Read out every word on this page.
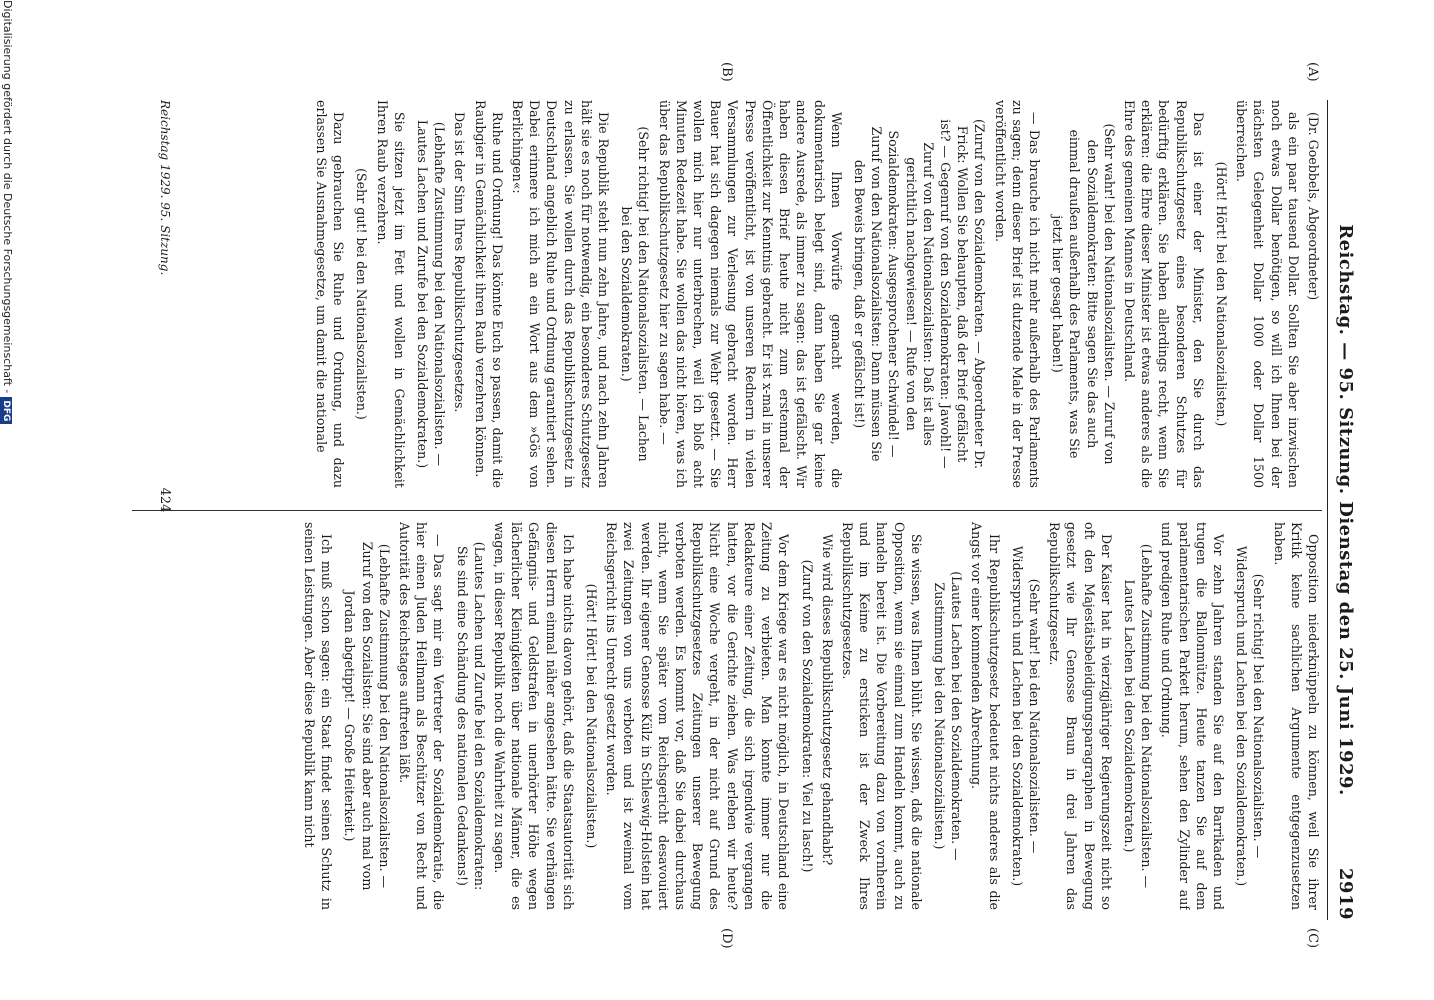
Reichstag. — 95. Sitzung. Dienstag den 25. Juni 1929.
2919
(A)
(B)
(C)
(D)

(Dr. Goebbels, Abgeordneter)

als ein paar tausend Dollar. Sollten Sie aber inzwischen noch etwas Dollar benötigen, so will ich Ihnen bei der nächsten Gelegenheit Dollar 1000 oder Dollar 1500 überreichen.

(Hört! Hört! bei den Nationalsozialisten.)

Das ist einer der Minister, den Sie durch das Republikschutzgesetz eines besonderen Schutzes für bedürftig erklären. Sie haben allerdings recht, wenn Sie erklären: die Ehre dieser Minister ist etwas anderes als die Ehre des gemeinen Mannes in Deutschland.

(Sehr wahr! bei den Nationalsozialisten. — Zuruf von den Sozialdemokraten: Bitte sagen Sie das auch einmal draußen außerhalb des Parlaments, was Sie jetzt hier gesagt haben!)

— Das brauche ich nicht mehr außerhalb des Parlaments zu sagen; denn dieser Brief ist dutzende Male in der Presse veröffentlicht worden.

(Zuruf von den Sozialdemokraten. — Abgeordneter Dr. Frick: Wollen Sie behaupten, daß der Brief gefälscht ist? — Gegenruf von den Sozialdemokraten: Jawohl! — Zuruf von den Nationalsozialisten: Daß ist alles gerichtlich nachgewiesen! — Rufe von den Sozialdemokraten: Ausgesprochener Schwindel! — Zuruf von den Nationalsozialisten: Dann müssen Sie den Beweis bringen, daß er gefälscht ist!)

Wenn Ihnen Vorwürfe gemacht werden, die dokumentarisch belegt sind, dann haben Sie gar keine andere Ausrede, als immer zu sagen: das ist gefälscht. Wir haben diesen Brief heute nicht zum erstenmal der Öffentlichkeit zur Kenntnis gebracht. Er ist x-mal in unserer Presse veröffentlicht, ist von unseren Rednern in vielen Versammlungen zur Verlesung gebracht worden. Herr Bauer hat sich dagegen niemals zur Wehr gesetzt. — Sie wollen mich hier nur unterbrechen, weil ich bloß acht Minuten Redezeit habe. Sie wollen das nicht hören, was ich über das Republikschutzgesetz hier zu sagen habe. —

(Sehr richtig! bei den Nationalsozialisten. — Lachen bei den Sozialdemokraten.)

Die Republik steht nun zehn Jahre, und nach zehn Jahren hält sie es noch für notwendig, ein besonderes Schutzgesetz zu erlassen. Sie wollen durch das Republikschutzgesetz in Deutschland angeblich Ruhe und Ordnung garantiert sehen. Dabei erinnere ich mich an ein Wort aus dem »Gös von Berlichingen«:

Ruhe und Ordnung! Das könnte Euch so passen, damit die Raubgier in Gemächlichkeit ihren Raub verzehren können.

Das ist der Sinn Ihres Republikschutzgesetzes.

(Lebhafte Zustimmung bei den Nationalsozialisten. — Lautes Lachen und Zurufe bei den Sozialdemokraten.)

Sie sitzen jetzt im Fett und wollen in Gemächlichkeit Ihren Raub verzehren.

(Sehr gut! bei den Nationalsozialisten.)

Dazu gebrauchen Sie Ruhe und Ordnung, und dazu erlassen Sie Ausnahmegesetze, um damit die nationale

Opposition niederknüppeln zu können, weil Sie ihrer Kritik keine sachlichen Argumente entgegenzusetzen haben.

(Sehr richtig! bei den Nationalsozialisten. — Widerspruch und Lachen bei den Sozialdemokraten.)

Vor zehn Jahren standen Sie auf den Barrikaden und trugen die Ballonmütze. Heute tanzen Sie auf dem parlamentarischen Parkett herum, sehen den Zylinder auf und predigen Ruhe und Ordnung.

(Lebhafte Zustimmung bei den Nationalsozialisten. — Lautes Lachen bei den Sozialdemokraten.)

Der Kaiser hat in vierzigjähriger Regierungszeit nicht so oft den Majestätsbeleidigungsparagraphen in Bewegung gesetzt wie Ihr Genosse Braun in drei Jahren das Republikschutzgesetz.

(Sehr wahr! bei den Nationalsozialisten. — Widerspruch und Lachen bei den Sozialdemokraten.)

Ihr Republikschutzgesetz bedeutet nichts anderes als die Angst vor einer kommenden Abrechnung.

(Lautes Lachen bei den Sozialdemokraten. — Zustimmung bei den Nationalsozialisten.)

Sie wissen, was Ihnen blüht. Sie wissen, daß die nationale Opposition, wenn sie einmal zum Handeln kommt, auch zu handeln bereit ist. Die Vorbereitung dazu von vornherein und im Keime zu ersticken ist der Zweck Ihres Republikschutzgesetzes.

Wie wird dieses Republikschutzgesetz gehandhabt?

(Zuruf von den Sozialdemokraten: Viel zu lasch!)

Vor dem Kriege war es nicht möglich, in Deutschland eine Zeitung zu verbieten. Man konnte immer nur die Redakteure einer Zeitung, die sich irgendwie vergangen hatten, vor die Gerichte ziehen. Was erleben wir heute? Nicht eine Woche vergeht, in der nicht auf Grund des Republikschutzgesetzes Zeitungen unserer Bewegung verboten werden. Es kommt vor, daß Sie dabei durchaus nicht, wenn Sie später vom Reichsgericht desavouiert werden. Ihr eigener Genosse Külz in Schleswig-Holstein hat zwei Zeitungen von uns verboten und ist zweimal vom Reichsgericht ins Unrecht gesetzt worden.

(Hört! Hört! bei den Nationalsozialisten.)

Ich habe nichts davon gehört, daß die Staatsautorität sich diesen Herrn einmal näher angesehen hätte. Sie verhängen Gefängnis- und Geldstrafen in unerhörter Höhe wegen lächerlicher Kleinigkeiten über nationale Männer, die es wagen, in dieser Republik noch die Wahrheit zu sagen.

(Lautes Lachen und Zurufe bei den Sozialdemokraten: Sie sind eine Schändung des nationalen Gedankens!)

— Das sagt mir ein Vertreter der Sozialdemokratie, die hier einen Juden Heilmann als Beschützer von Recht und Autorität des Reichstages auftreten läßt.

(Lebhafte Zustimmung bei den Nationalsozialisten. — Zuruf von den Sozialisten: Sie sind aber auch mal vom Jordan abgetippt! — Große Heiterkeit.)

Ich muß schon sagen: ein Staat findet seinen Schutz in seinen Leistungen. Aber diese Republik kann nicht

Reichstag 1929. 95. Sitzung.
424
Digitalisierung gefördert durch die Deutsche Forschungsgemeinschaft -DFG
